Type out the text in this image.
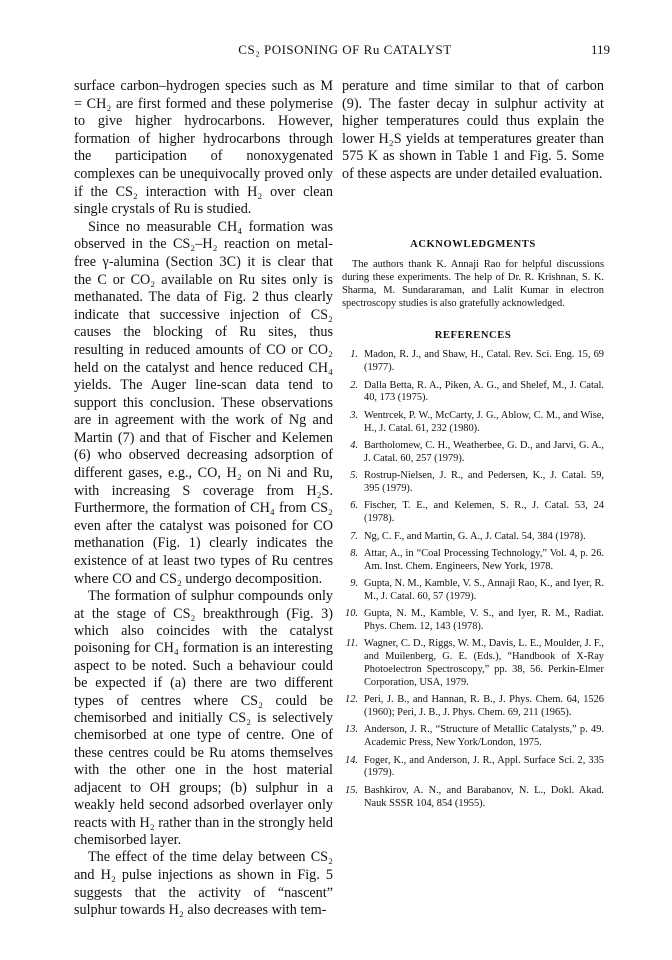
CS₂ POISONING OF Ru CATALYST	119

surface carbon–hydrogen species such as M = CH₂ are first formed and these polymerise to give higher hydrocarbons. However, formation of higher hydrocarbons through the participation of nonoxygenated complexes can be unequivocally proved only if the CS₂ interaction with H₂ over clean single crystals of Ru is studied.

Since no measurable CH₄ formation was observed in the CS₂–H₂ reaction on metal-free γ-alumina (Section 3C) it is clear that the C or CO₂ available on Ru sites only is methanated. The data of Fig. 2 thus clearly indicate that successive injection of CS₂ causes the blocking of Ru sites, thus resulting in reduced amounts of CO or CO₂ held on the catalyst and hence reduced CH₄ yields. The Auger line-scan data tend to support this conclusion. These observations are in agreement with the work of Ng and Martin (7) and that of Fischer and Kelemen (6) who observed decreasing adsorption of different gases, e.g., CO, H₂ on Ni and Ru, with increasing S coverage from H₂S. Furthermore, the formation of CH₄ from CS₂ even after the catalyst was poisoned for CO methanation (Fig. 1) clearly indicates the existence of at least two types of Ru centres where CO and CS₂ undergo decomposition.

The formation of sulphur compounds only at the stage of CS₂ breakthrough (Fig. 3) which also coincides with the catalyst poisoning for CH₄ formation is an interesting aspect to be noted. Such a behaviour could be expected if (a) there are two different types of centres where CS₂ could be chemisorbed and initially CS₂ is selectively chemisorbed at one type of centre. One of these centres could be Ru atoms themselves with the other one in the host material adjacent to OH groups; (b) sulphur in a weakly held second adsorbed overlayer only reacts with H₂ rather than in the strongly held chemisorbed layer.

The effect of the time delay between CS₂ and H₂ pulse injections as shown in Fig. 5 suggests that the activity of “nascent” sulphur towards H₂ also decreases with tem-

perature and time similar to that of carbon (9). The faster decay in sulphur activity at higher temperatures could thus explain the lower H₂S yields at temperatures greater than 575 K as shown in Table 1 and Fig. 5. Some of these aspects are under detailed evaluation.

ACKNOWLEDGMENTS

The authors thank K. Annaji Rao for helpful discussions during these experiments. The help of Dr. R. Krishnan, S. K. Sharma, M. Sundararaman, and Lalit Kumar in electron spectroscopy studies is also gratefully acknowledged.

REFERENCES
1. Madon, R. J., and Shaw, H., Catal. Rev. Sci. Eng. 15, 69 (1977).
2. Dalla Betta, R. A., Piken, A. G., and Shelef, M., J. Catal. 40, 173 (1975).
3. Wentrcek, P. W., McCarty, J. G., Ablow, C. M., and Wise, H., J. Catal. 61, 232 (1980).
4. Bartholomew, C. H., Weatherbee, G. D., and Jarvi, G. A., J. Catal. 60, 257 (1979).
5. Rostrup-Nielsen, J. R., and Pedersen, K., J. Catal. 59, 395 (1979).
6. Fischer, T. E., and Kelemen, S. R., J. Catal. 53, 24 (1978).
7. Ng, C. F., and Martin, G. A., J. Catal. 54, 384 (1978).
8. Attar, A., in “Coal Processing Technology,” Vol. 4, p. 26. Am. Inst. Chem. Engineers, New York, 1978.
9. Gupta, N. M., Kamble, V. S., Annaji Rao, K., and Iyer, R. M., J. Catal. 60, 57 (1979).
10. Gupta, N. M., Kamble, V. S., and Iyer, R. M., Radiat. Phys. Chem. 12, 143 (1978).
11. Wagner, C. D., Riggs, W. M., Davis, L. E., Moulder, J. F., and Muilenberg, G. E. (Eds.), “Handbook of X-Ray Photoelectron Spectroscopy,” pp. 38, 56. Perkin-Elmer Corporation, USA, 1979.
12. Peri, J. B., and Hannan, R. B., J. Phys. Chem. 64, 1526 (1960); Peri, J. B., J. Phys. Chem. 69, 211 (1965).
13. Anderson, J. R., “Structure of Metallic Catalysts,” p. 49. Academic Press, New York/London, 1975.
14. Foger, K., and Anderson, J. R., Appl. Surface Sci. 2, 335 (1979).
15. Bashkirov, A. N., and Barabanov, N. L., Dokl. Akad. Nauk SSSR 104, 854 (1955).
